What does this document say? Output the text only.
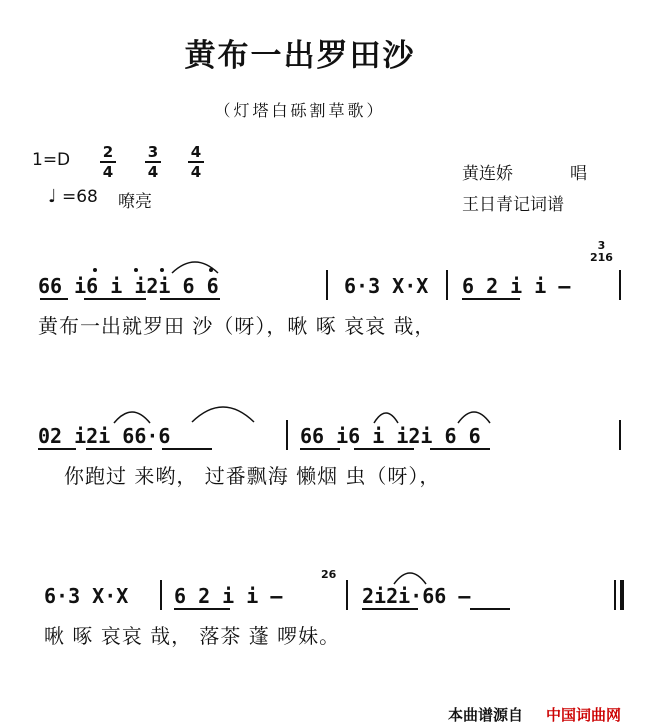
黄布一出罗田沙
（灯塔白砾割草歌）
1=D 2
4
3
4
4
4
♩ =68 嘹亮
黄连娇	唱
王日青记词谱
66 i6 i i2i 6 6	6·3 X·X 6 2 i i –
3
216
黄布一出就罗田 沙（呀），啾 啄 哀哀 哉，
02 i2i 66·6	66 i6 i i2i 6 6
你跑过 来哟， 过番飘海 懒烟 虫（呀），
6·3 X·X 6 2 i i –
26
2i2i·66 –
啾 啄 哀哀 哉， 落茶 蓬 啰妹。
本曲谱源自 中国词曲网
